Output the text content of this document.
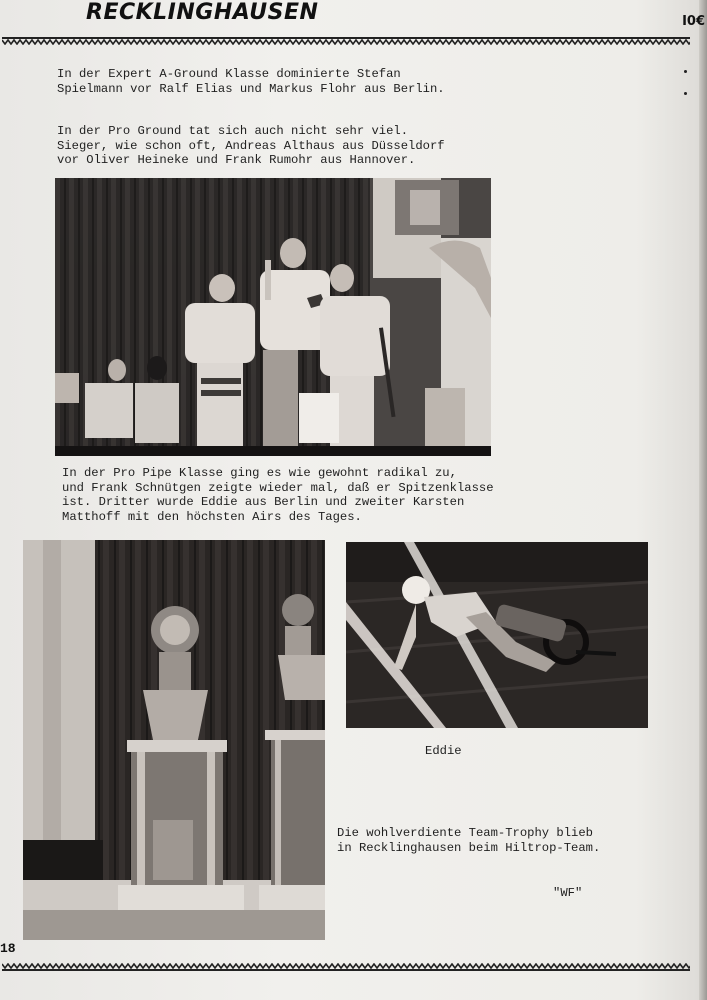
RECKLINGHAUSEN	I0€
In der Expert A-Ground Klasse dominierte Stefan
Spielmann vor Ralf Elias und Markus Flohr aus Berlin.
In der Pro Ground tat sich auch nicht sehr viel.
Sieger, wie schon oft, Andreas Althaus aus Düsseldorf
vor Oliver Heineke und Frank Rumohr aus Hannover.
In der Pro Pipe Klasse ging es wie gewohnt radikal zu,
und Frank Schnütgen zeigte wieder mal, daß er Spitzenklasse
ist. Dritter wurde Eddie aus Berlin und zweiter Karsten
Matthoff mit den höchsten Airs des Tages.
Eddie
Die wohlverdiente Team-Trophy blieb
in Recklinghausen beim Hiltrop-Team.
"WF"
18
